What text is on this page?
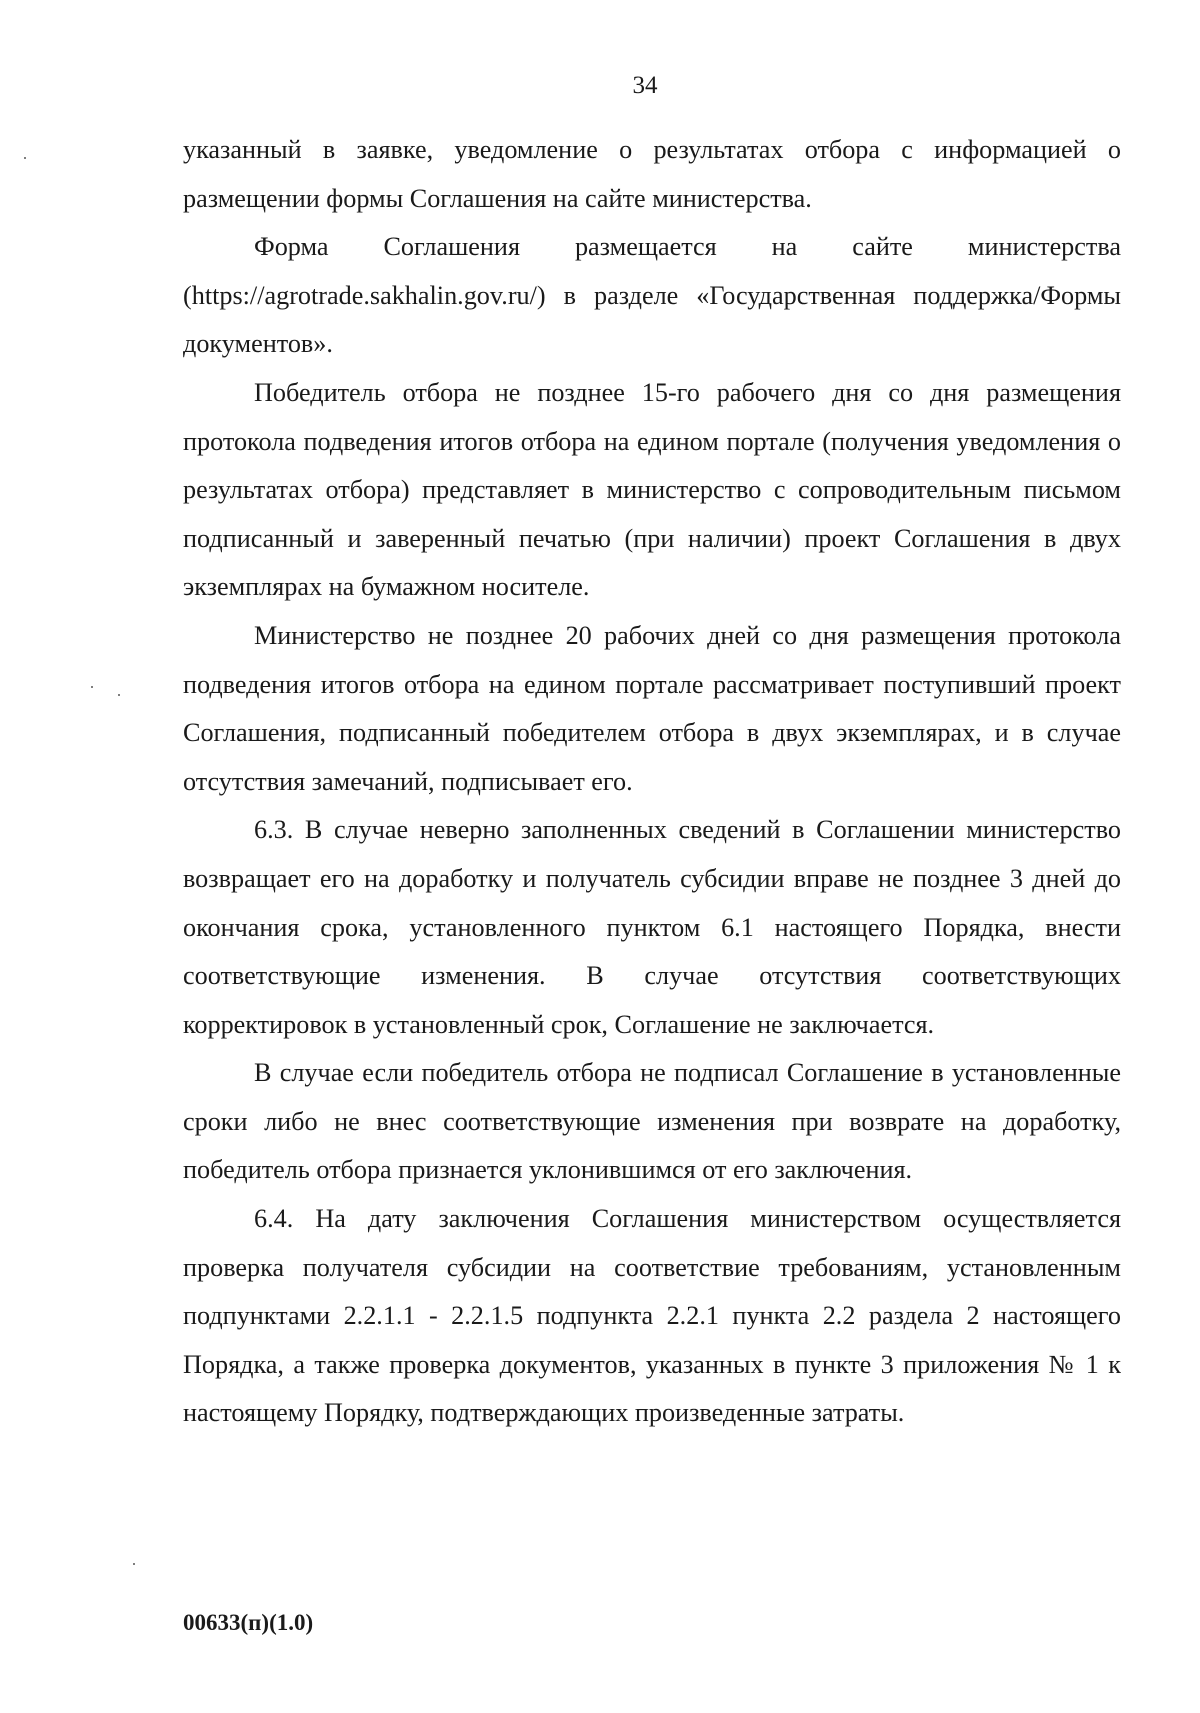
34

указанный в заявке, уведомление о результатах отбора с информацией о размещении формы Соглашения на сайте министерства.

Форма Соглашения размещается на сайте министерства (https://agrotrade.sakhalin.gov.ru/) в разделе «Государственная поддержка/Формы документов».

Победитель отбора не позднее 15-го рабочего дня со дня размещения протокола подведения итогов отбора на едином портале (получения уведомления о результатах отбора) представляет в министерство с сопроводительным письмом подписанный и заверенный печатью (при наличии) проект Соглашения в двух экземплярах на бумажном носителе.

Министерство не позднее 20 рабочих дней со дня размещения протокола подведения итогов отбора на едином портале рассматривает поступивший проект Соглашения, подписанный победителем отбора в двух экземплярах, и в случае отсутствия замечаний, подписывает его.

6.3. В случае неверно заполненных сведений в Соглашении министерство возвращает его на доработку и получатель субсидии вправе не позднее 3 дней до окончания срока, установленного пунктом 6.1 настоящего Порядка, внести соответствующие изменения. В случае отсутствия соответствующих корректировок в установленный срок, Соглашение не заключается.

В случае если победитель отбора не подписал Соглашение в установленные сроки либо не внес соответствующие изменения при возврате на доработку, победитель отбора признается уклонившимся от его заключения.

6.4. На дату заключения Соглашения министерством осуществляется проверка получателя субсидии на соответствие требованиям, установленным подпунктами 2.2.1.1 - 2.2.1.5 подпункта 2.2.1 пункта 2.2 раздела 2 настоящего Порядка, а также проверка документов, указанных в пункте 3 приложения № 1 к настоящему Порядку, подтверждающих произведенные затраты.

00633(п)(1.0)
